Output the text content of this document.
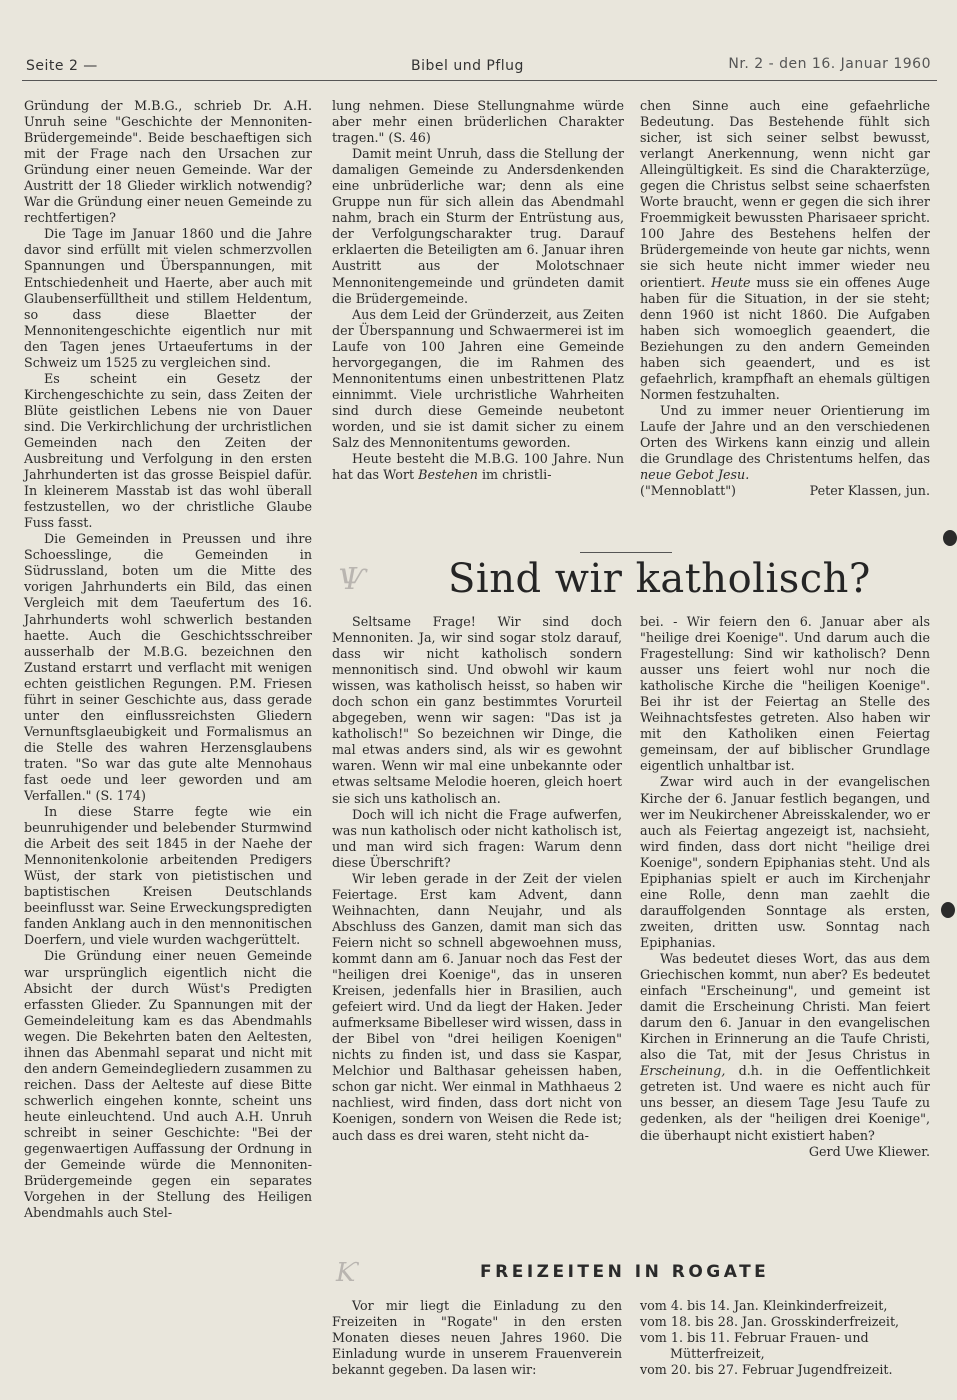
Seite 2 —	Bibel und Pflug	Nr. 2 - den 16. Januar 1960

Gründung der M.B.G., schrieb Dr. A.H. Unruh seine "Geschichte der Mennoniten-Brüdergemeinde". Beide beschaeftigen sich mit der Frage nach den Ursachen zur Gründung einer neuen Gemeinde. War der Austritt der 18 Glieder wirklich notwendig? War die Gründung einer neuen Gemeinde zu rechtfertigen?

Die Tage im Januar 1860 und die Jahre davor sind erfüllt mit vielen schmerzvollen Spannungen und Überspannungen, mit Entschiedenheit und Haerte, aber auch mit Glaubenserfülltheit und stillem Heldentum, so dass diese Blaetter der Mennonitengeschichte eigentlich nur mit den Tagen jenes Urtaeufertums in der Schweiz um 1525 zu vergleichen sind.

Es scheint ein Gesetz der Kirchengeschichte zu sein, dass Zeiten der Blüte geistlichen Lebens nie von Dauer sind. Die Verkirchlichung der urchristlichen Gemeinden nach den Zeiten der Ausbreitung und Verfolgung in den ersten Jahrhunderten ist das grosse Beispiel dafür. In kleinerem Masstab ist das wohl überall festzustellen, wo der christliche Glaube Fuss fasst.

Die Gemeinden in Preussen und ihre Schoesslinge, die Gemeinden in Südrussland, boten um die Mitte des vorigen Jahrhunderts ein Bild, das einen Vergleich mit dem Taeufertum des 16. Jahrhunderts wohl schwerlich bestanden haette. Auch die Geschichtsschreiber ausserhalb der M.B.G. bezeichnen den Zustand erstarrt und verflacht mit wenigen echten geistlichen Regungen. P.M. Friesen führt in seiner Geschichte aus, dass gerade unter den einflussreichsten Gliedern Vernunftsglaeubigkeit und Formalismus an die Stelle des wahren Herzensglaubens traten. "So war das gute alte Mennohaus fast oede und leer geworden und am Verfallen." (S. 174)

In diese Starre fegte wie ein beunruhigender und belebender Sturmwind die Arbeit des seit 1845 in der Naehe der Mennonitenkolonie arbeitenden Predigers Wüst, der stark von pietistischen und baptistischen Kreisen Deutschlands beeinflusst war. Seine Erweckungspredigten fanden Anklang auch in den mennonitischen Doerfern, und viele wurden wachgerüttelt.

Die Gründung einer neuen Gemeinde war ursprünglich eigentlich nicht die Absicht der durch Wüst's Predigten erfassten Glieder. Zu Spannungen mit der Gemeindeleitung kam es das Abendmahls wegen. Die Bekehrten baten den Aeltesten, ihnen das Abenmahl separat und nicht mit den andern Gemeindegliedern zusammen zu reichen. Dass der Aelteste auf diese Bitte schwerlich eingehen konnte, scheint uns heute einleuchtend. Und auch A.H. Unruh schreibt in seiner Geschichte: "Bei der gegenwaertigen Auffassung der Ordnung in der Gemeinde würde die Mennoniten-Brüdergemeinde gegen ein separates Vorgehen in der Stellung des Heiligen Abendmahls auch Stel-

lung nehmen. Diese Stellungnahme würde aber mehr einen brüderlichen Charakter tragen." (S. 46)

Damit meint Unruh, dass die Stellung der damaligen Gemeinde zu Andersdenkenden eine unbrüderliche war; denn als eine Gruppe nun für sich allein das Abendmahl nahm, brach ein Sturm der Entrüstung aus, der Verfolgungscharakter trug. Darauf erklaerten die Beteiligten am 6. Januar ihren Austritt aus der Molotschnaer Mennonitengemeinde und gründeten damit die Brüdergemeinde.

Aus dem Leid der Gründerzeit, aus Zeiten der Überspannung und Schwaermerei ist im Laufe von 100 Jahren eine Gemeinde hervorgegangen, die im Rahmen des Mennonitentums einen unbestrittenen Platz einnimmt. Viele urchristliche Wahrheiten sind durch diese Gemeinde neubetont worden, und sie ist damit sicher zu einem Salz des Mennonitentums geworden.

Heute besteht die M.B.G. 100 Jahre. Nun hat das Wort Bestehen im christli-

chen Sinne auch eine gefaehrliche Bedeutung. Das Bestehende fühlt sich sicher, ist sich seiner selbst bewusst, verlangt Anerkennung, wenn nicht gar Alleingültigkeit. Es sind die Charakterzüge, gegen die Christus selbst seine schaerfsten Worte braucht, wenn er gegen die sich ihrer Froemmigkeit bewussten Pharisaeer spricht. 100 Jahre des Bestehens helfen der Brüdergemeinde von heute gar nichts, wenn sie sich heute nicht immer wieder neu orientiert. Heute muss sie ein offenes Auge haben für die Situation, in der sie steht; denn 1960 ist nicht 1860. Die Aufgaben haben sich womoeglich geaendert, die Beziehungen zu den andern Gemeinden haben sich geaendert, und es ist gefaehrlich, krampfhaft an ehemals gültigen Normen festzuhalten.

Und zu immer neuer Orientierung im Laufe der Jahre und an den verschiedenen Orten des Wirkens kann einzig und allein die Grundlage des Christentums helfen, das neue Gebot Jesu.

("Mennoblatt")	Peter Klassen, jun.

Ѱ Sind wir katholisch?

Seltsame Frage! Wir sind doch Mennoniten. Ja, wir sind sogar stolz darauf, dass wir nicht katholisch sondern mennonitisch sind. Und obwohl wir kaum wissen, was katholisch heisst, so haben wir doch schon ein ganz bestimmtes Vorurteil abgegeben, wenn wir sagen: "Das ist ja katholisch!" So bezeichnen wir Dinge, die mal etwas anders sind, als wir es gewohnt waren. Wenn wir mal eine unbekannte oder etwas seltsame Melodie hoeren, gleich hoert sie sich uns katholisch an.

Doch will ich nicht die Frage aufwerfen, was nun katholisch oder nicht katholisch ist, und man wird sich fragen: Warum denn diese Überschrift?

Wir leben gerade in der Zeit der vielen Feiertage. Erst kam Advent, dann Weihnachten, dann Neujahr, und als Abschluss des Ganzen, damit man sich das Feiern nicht so schnell abgewoehnen muss, kommt dann am 6. Januar noch das Fest der "heiligen drei Koenige", das in unseren Kreisen, jedenfalls hier in Brasilien, auch gefeiert wird. Und da liegt der Haken. Jeder aufmerksame Bibelleser wird wissen, dass in der Bibel von "drei heiligen Koenigen" nichts zu finden ist, und dass sie Kaspar, Melchior und Balthasar geheissen haben, schon gar nicht. Wer einmal in Mathhaeus 2 nachliest, wird finden, dass dort nicht von Koenigen, sondern von Weisen die Rede ist; auch dass es drei waren, steht nicht da-

bei. - Wir feiern den 6. Januar aber als "heilige drei Koenige". Und darum auch die Fragestellung: Sind wir katholisch? Denn ausser uns feiert wohl nur noch die katholische Kirche die "heiligen Koenige". Bei ihr ist der Feiertag an Stelle des Weihnachtsfestes getreten. Also haben wir mit den Katholiken einen Feiertag gemeinsam, der auf biblischer Grundlage eigentlich unhaltbar ist.

Zwar wird auch in der evangelischen Kirche der 6. Januar festlich begangen, und wer im Neukirchener Abreisskalender, wo er auch als Feiertag angezeigt ist, nachsieht, wird finden, dass dort nicht "heilige drei Koenige", sondern Epiphanias steht. Und als Epiphanias spielt er auch im Kirchenjahr eine Rolle, denn man zaehlt die darauffolgenden Sonntage als ersten, zweiten, dritten usw. Sonntag nach Epiphanias.

Was bedeutet dieses Wort, das aus dem Griechischen kommt, nun aber? Es bedeutet einfach "Erscheinung", und gemeint ist damit die Erscheinung Christi. Man feiert darum den 6. Januar in den evangelischen Kirchen in Erinnerung an die Taufe Christi, also die Tat, mit der Jesus Christus in Erscheinung, d.h. in die Oeffentlichkeit getreten ist. Und waere es nicht auch für uns besser, an diesem Tage Jesu Taufe zu gedenken, als der "heiligen drei Koenige", die überhaupt nicht existiert haben?

Gerd Uwe Kliewer.

Ƙ	FREIZEITEN IN ROGATE

Vor mir liegt die Einladung zu den Freizeiten in "Rogate" in den ersten Monaten dieses neuen Jahres 1960. Die Einladung wurde in unserem Frauenverein bekannt gegeben. Da lasen wir:

vom 4. bis 14. Jan. Kleinkinderfreizeit,
vom 18. bis 28. Jan. Grosskinderfreizeit,
vom 1. bis 11. Februar Frauen- und
Mütterfreizeit,
vom 20. bis 27. Februar Jugendfreizeit.
